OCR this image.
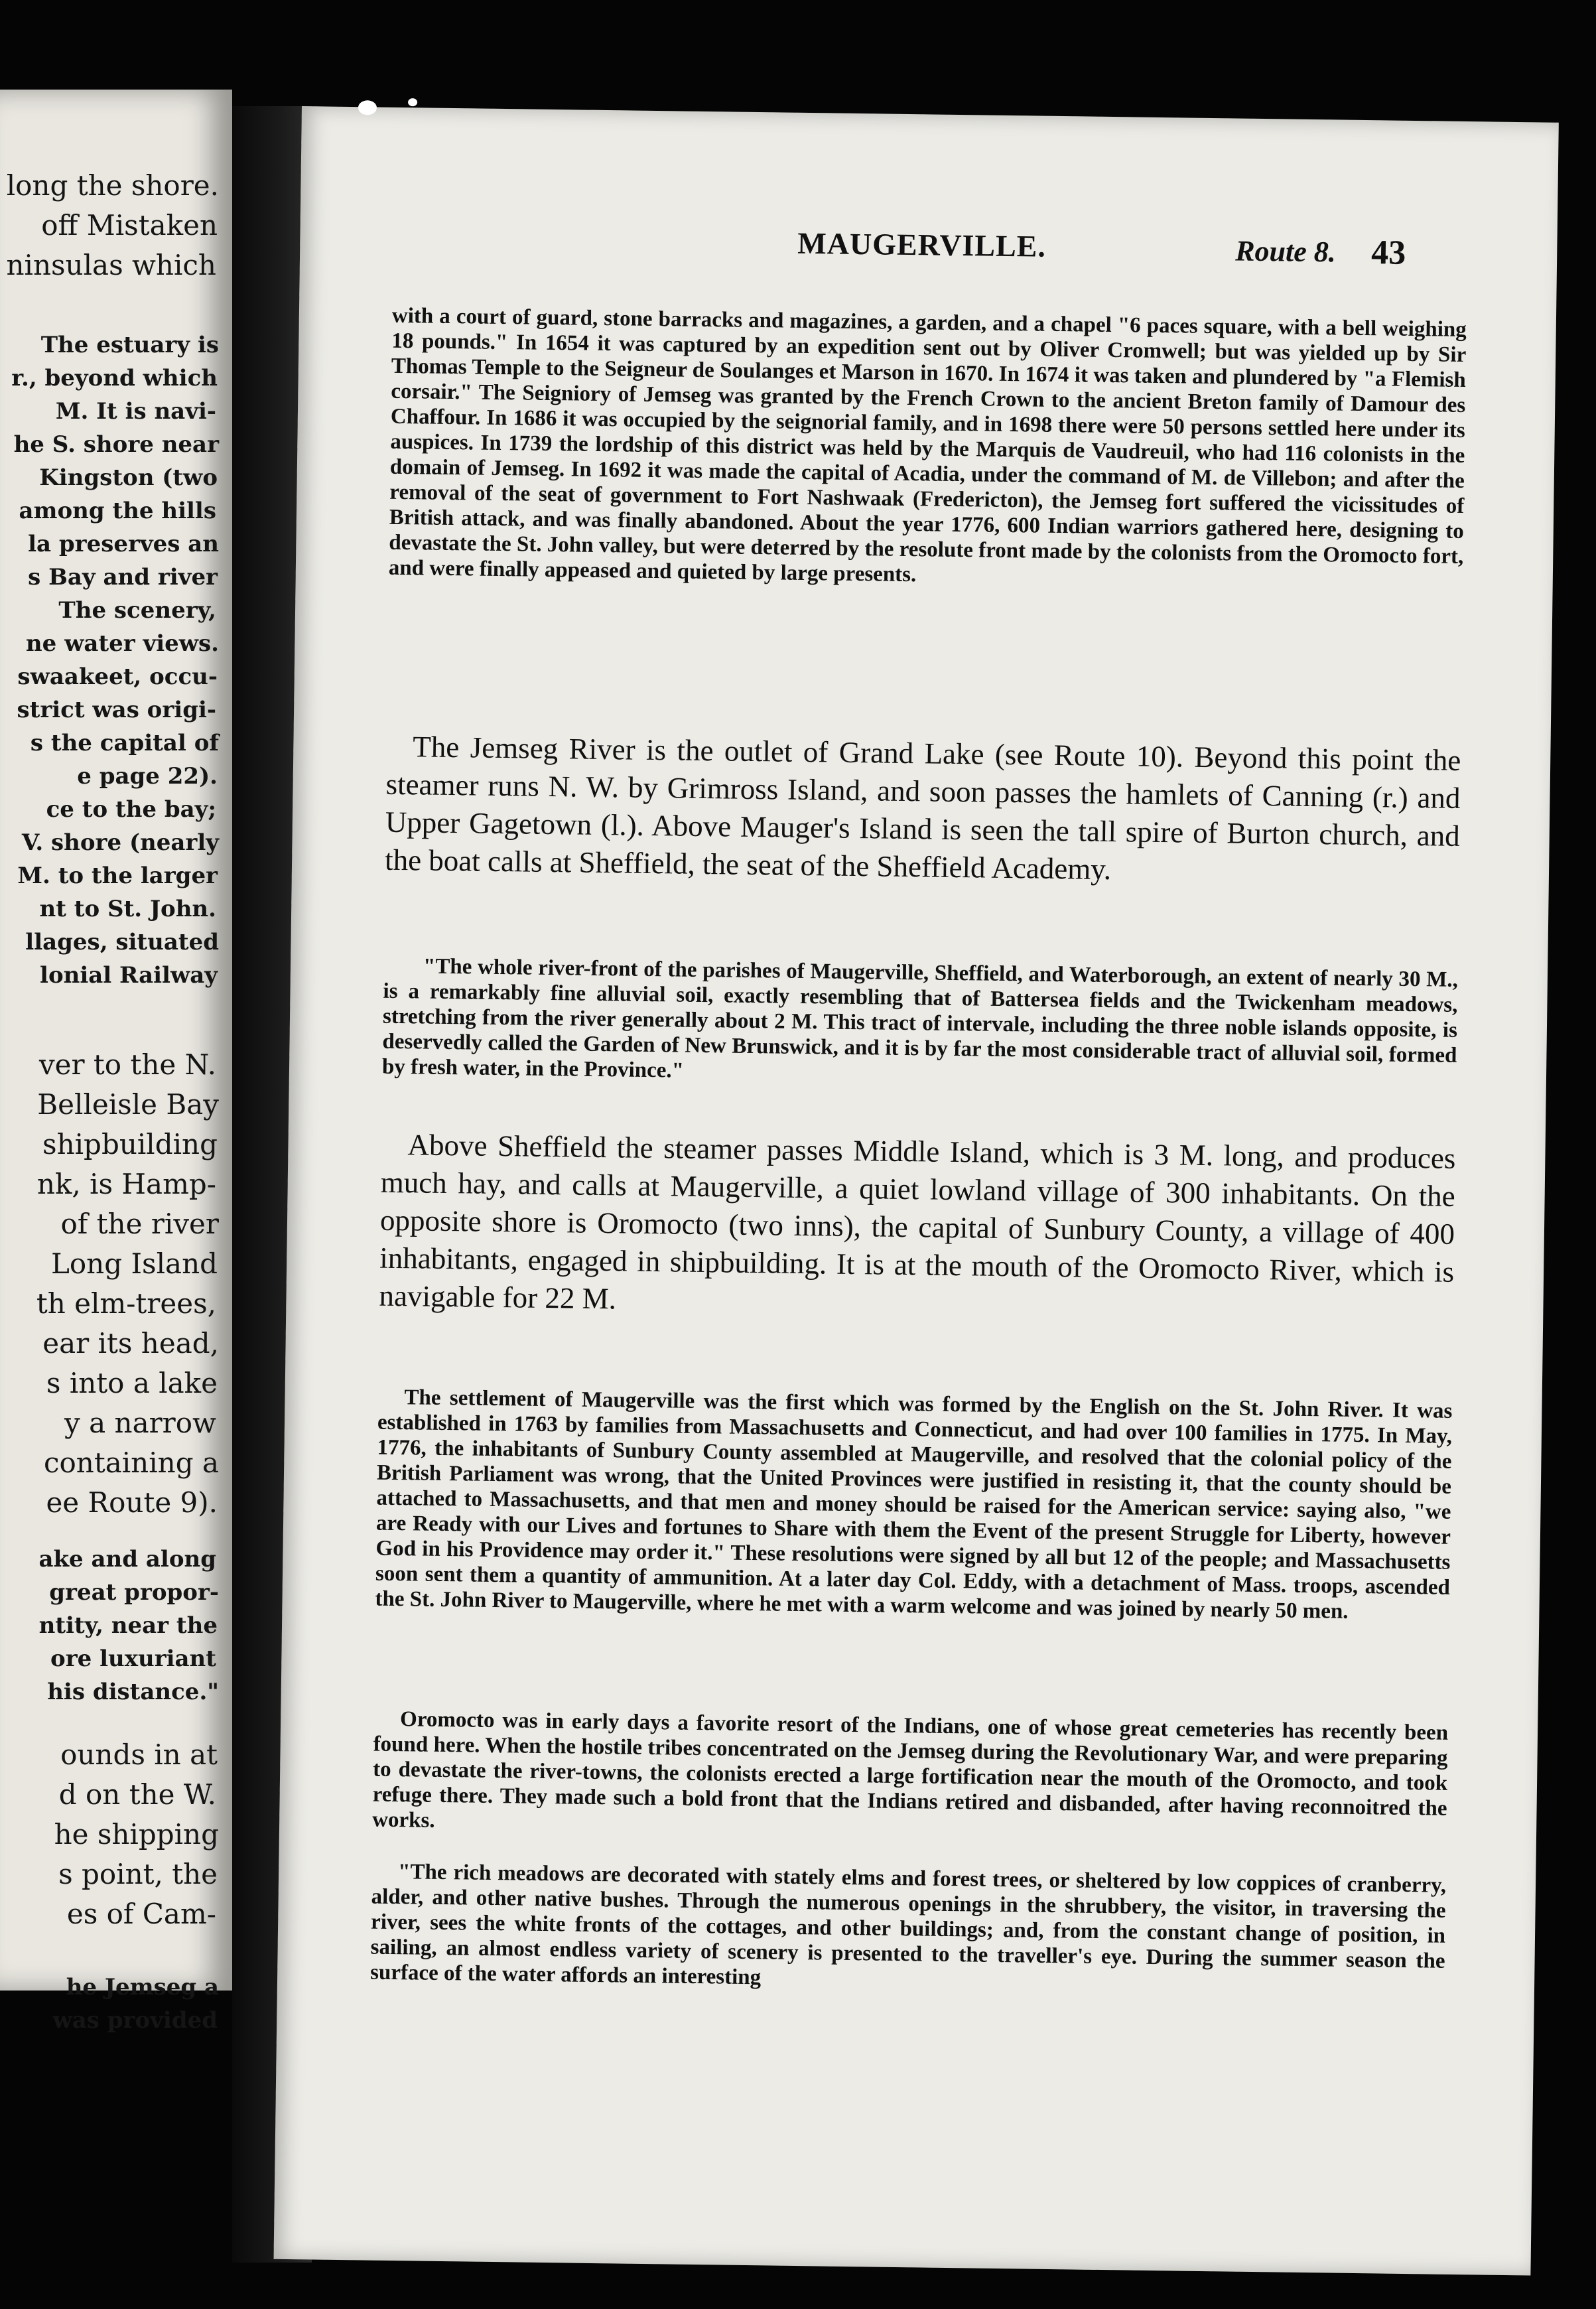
long the shore.
off Mistaken
ninsulas which
The estuary is
r., beyond which
M. It is navi-
he S. shore near
Kingston (two
among the hills
la preserves an
s Bay and river
The scenery,
ne water views.
swaakeet, occu-
strict was origi-
s the capital of
e page 22).
ce to the bay;
V. shore (nearly
M. to the larger
nt to St. John.
llages, situated
lonial Railway
ver to the N.
Belleisle Bay
shipbuilding
nk, is Hamp-
of the river
Long Island
th elm-trees,
ear its head,
s into a lake
y a narrow
containing a
ee Route 9).
ake and along
great propor-
ntity, near the
ore luxuriant
his distance."
ounds in at
d on the W.
he shipping
s point, the
es of Cam-
he Jemseg a
was provided
MAUGERVILLE.	Route 8. 43

with a court of guard, stone barracks and magazines, a garden, and a chapel "6 paces square, with a bell weighing 18 pounds." In 1654 it was captured by an expedition sent out by Oliver Cromwell; but was yielded up by Sir Thomas Temple to the Seigneur de Soulanges et Marson in 1670. In 1674 it was taken and plundered by "a Flemish corsair." The Seigniory of Jemseg was granted by the French Crown to the ancient Breton family of Damour des Chaffour. In 1686 it was occupied by the seignorial family, and in 1698 there were 50 persons settled here under its auspices. In 1739 the lordship of this district was held by the Marquis de Vaudreuil, who had 116 colonists in the domain of Jemseg. In 1692 it was made the capital of Acadia, under the command of M. de Villebon; and after the removal of the seat of government to Fort Nashwaak (Fredericton), the Jemseg fort suffered the vicissitudes of British attack, and was finally abandoned. About the year 1776, 600 Indian warriors gathered here, designing to devastate the St. John valley, but were deterred by the resolute front made by the colonists from the Oromocto fort, and were finally appeased and quieted by large presents.

The Jemseg River is the outlet of Grand Lake (see Route 10). Beyond this point the steamer runs N. W. by Grimross Island, and soon passes the hamlets of Canning (r.) and Upper Gagetown (l.). Above Mauger's Island is seen the tall spire of Burton church, and the boat calls at Sheffield, the seat of the Sheffield Academy.

"The whole river-front of the parishes of Maugerville, Sheffield, and Waterborough, an extent of nearly 30 M., is a remarkably fine alluvial soil, exactly resembling that of Battersea fields and the Twickenham meadows, stretching from the river generally about 2 M. This tract of intervale, including the three noble islands opposite, is deservedly called the Garden of New Brunswick, and it is by far the most considerable tract of alluvial soil, formed by fresh water, in the Province."

Above Sheffield the steamer passes Middle Island, which is 3 M. long, and produces much hay, and calls at Maugerville, a quiet lowland village of 300 inhabitants. On the opposite shore is Oromocto (two inns), the capital of Sunbury County, a village of 400 inhabitants, engaged in shipbuilding. It is at the mouth of the Oromocto River, which is navigable for 22 M.

The settlement of Maugerville was the first which was formed by the English on the St. John River. It was established in 1763 by families from Massachusetts and Connecticut, and had over 100 families in 1775. In May, 1776, the inhabitants of Sunbury County assembled at Maugerville, and resolved that the colonial policy of the British Parliament was wrong, that the United Provinces were justified in resisting it, that the county should be attached to Massachusetts, and that men and money should be raised for the American service: saying also, "we are Ready with our Lives and fortunes to Share with them the Event of the present Struggle for Liberty, however God in his Providence may order it." These resolutions were signed by all but 12 of the people; and Massachusetts soon sent them a quantity of ammunition. At a later day Col. Eddy, with a detachment of Mass. troops, ascended the St. John River to Maugerville, where he met with a warm welcome and was joined by nearly 50 men.

Oromocto was in early days a favorite resort of the Indians, one of whose great cemeteries has recently been found here. When the hostile tribes concentrated on the Jemseg during the Revolutionary War, and were preparing to devastate the river-towns, the colonists erected a large fortification near the mouth of the Oromocto, and took refuge there. They made such a bold front that the Indians retired and disbanded, after having reconnoitred the works.

"The rich meadows are decorated with stately elms and forest trees, or sheltered by low coppices of cranberry, alder, and other native bushes. Through the numerous openings in the shrubbery, the visitor, in traversing the river, sees the white fronts of the cottages, and other buildings; and, from the constant change of position, in sailing, an almost endless variety of scenery is presented to the traveller's eye. During the summer season the surface of the water affords an interesting
